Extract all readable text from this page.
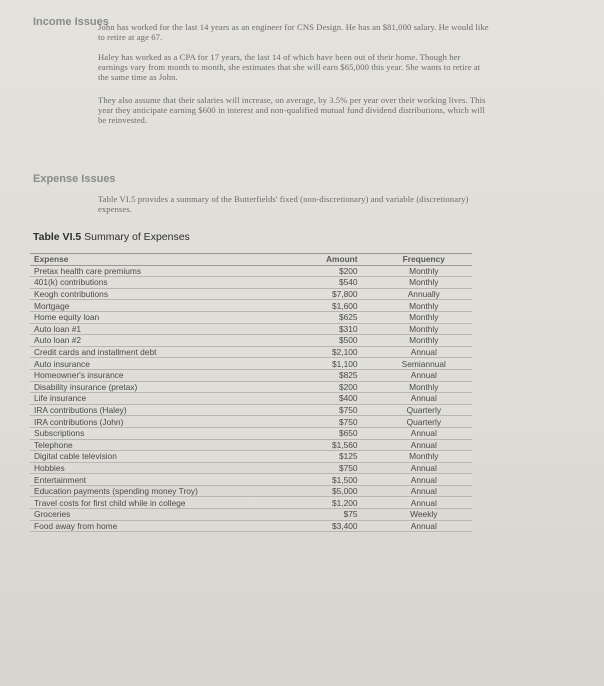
Income Issues
John has worked for the last 14 years as an engineer for CNS Design. He has an $81,000 salary. He would like to retire at age 67.
Haley has worked as a CPA for 17 years, the last 14 of which have been out of their home. Though her earnings vary from month to month, she estimates that she will earn $65,000 this year. She wants to retire at the same time as John.
They also assume that their salaries will increase, on average, by 3.5% per year over their working lives. This year they anticipate earning $600 in interest and non-qualified mutual fund dividend distributions, which will be reinvested.
Expense Issues
Table VI.5 provides a summary of the Butterfields' fixed (non-discretionary) and variable (discretionary) expenses.
Table VI.5 Summary of Expenses
Expense	Amount	Frequency
Pretax health care premiums	$200	Monthly
401(k) contributions	$540	Monthly
Keogh contributions	$7,800	Annually
Mortgage	$1,600	Monthly
Home equity loan	$625	Monthly
Auto loan #1	$310	Monthly
Auto loan #2	$500	Monthly
Credit cards and installment debt	$2,100	Annual
Auto insurance	$1,100	Semiannual
Homeowner's insurance	$825	Annual
Disability insurance (pretax)	$200	Monthly
Life insurance	$400	Annual
IRA contributions (Haley)	$750	Quarterly
IRA contributions (John)	$750	Quarterly
Subscriptions	$650	Annual
Telephone	$1,560	Annual
Digital cable television	$125	Monthly
Hobbies	$750	Annual
Entertainment	$1,500	Annual
Education payments (spending money Troy)	$5,000	Annual
Travel costs for first child while in college	$1,200	Annual
Groceries	$75	Weekly
Food away from home	$3,400	Annual
